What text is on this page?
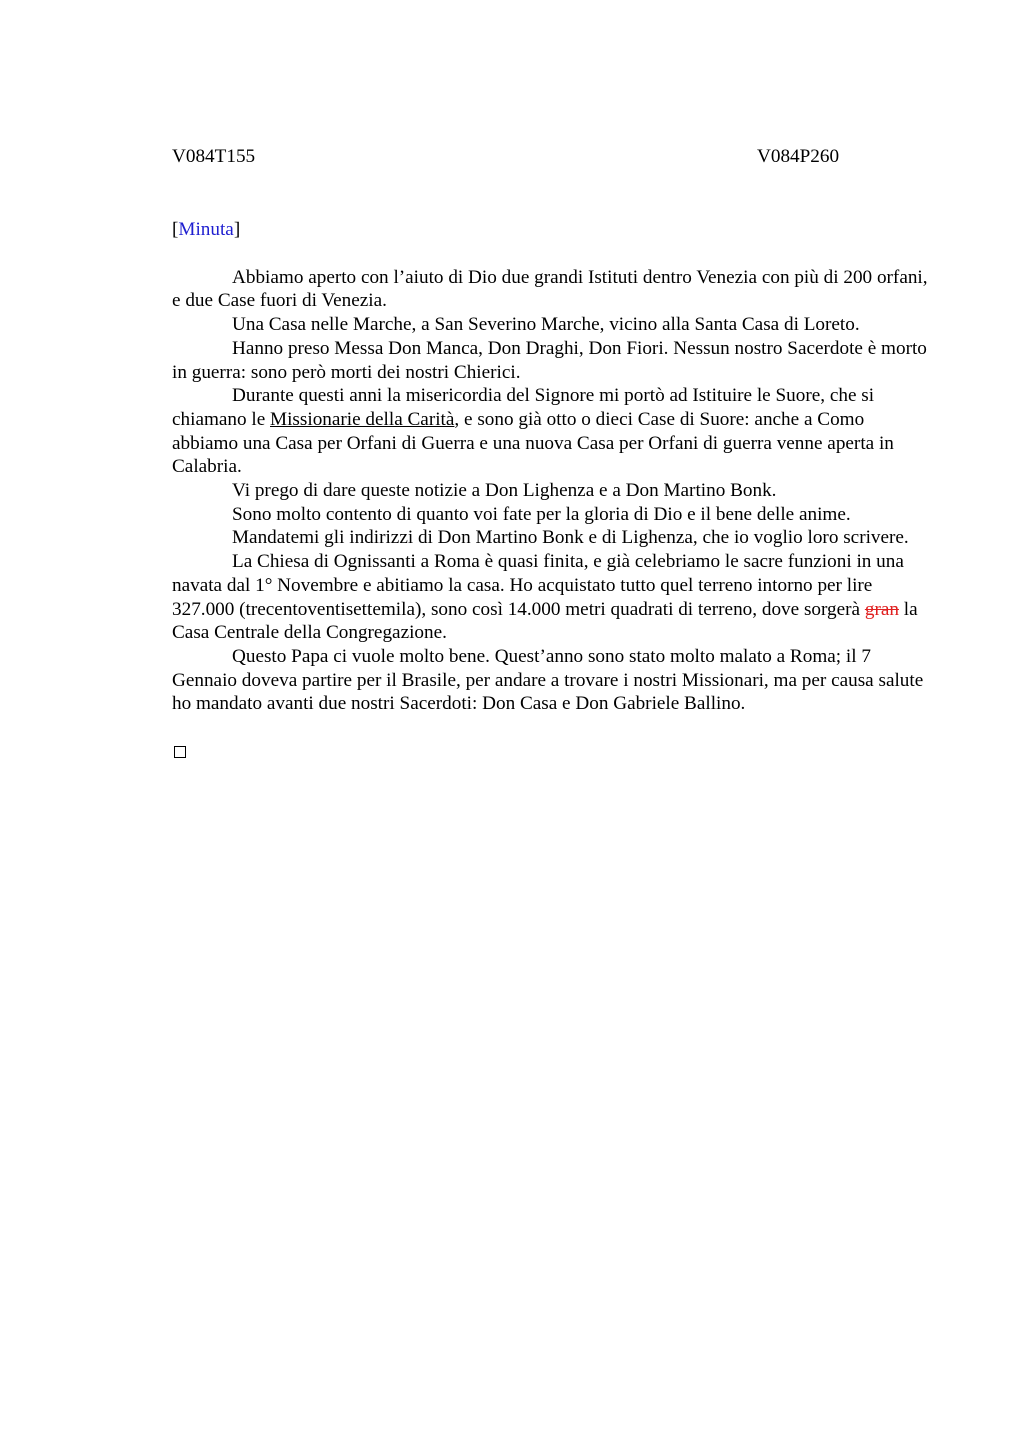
V084T155	V084P260
[Minuta]

Abbiamo aperto con l’aiuto di Dio due grandi Istituti dentro Venezia con più di 200 orfani, e due Case fuori di Venezia.

Una Casa nelle Marche, a San Severino Marche, vicino alla Santa Casa di Loreto.

Hanno preso Messa Don Manca, Don Draghi, Don Fiori. Nessun nostro Sacerdote è morto in guerra: sono però morti dei nostri Chierici.

Durante questi anni la misericordia del Signore mi portò ad Istituire le Suore, che si chiamano le Missionarie della Carità, e sono già otto o dieci Case di Suore: anche a Como abbiamo una Casa per Orfani di Guerra e una nuova Casa per Orfani di guerra venne aperta in Calabria.

Vi prego di dare queste notizie a Don Lighenza e a Don Martino Bonk.

Sono molto contento di quanto voi fate per la gloria di Dio e il bene delle anime.

Mandatemi gli indirizzi di Don Martino Bonk e di Lighenza, che io voglio loro scrivere.

La Chiesa di Ognissanti a Roma è quasi finita, e già celebriamo le sacre funzioni in una navata dal 1° Novembre e abitiamo la casa. Ho acquistato tutto quel terreno intorno per lire 327.000 (trecentoventisettemila), sono così 14.000 metri quadrati di terreno, dove sorgerà gran la Casa Centrale della Congregazione.

Questo Papa ci vuole molto bene. Quest’anno sono stato molto malato a Roma; il 7 Gennaio doveva partire per il Brasile, per andare a trovare i nostri Missionari, ma per causa salute ho mandato avanti due nostri Sacerdoti: Don Casa e Don Gabriele Ballino.
